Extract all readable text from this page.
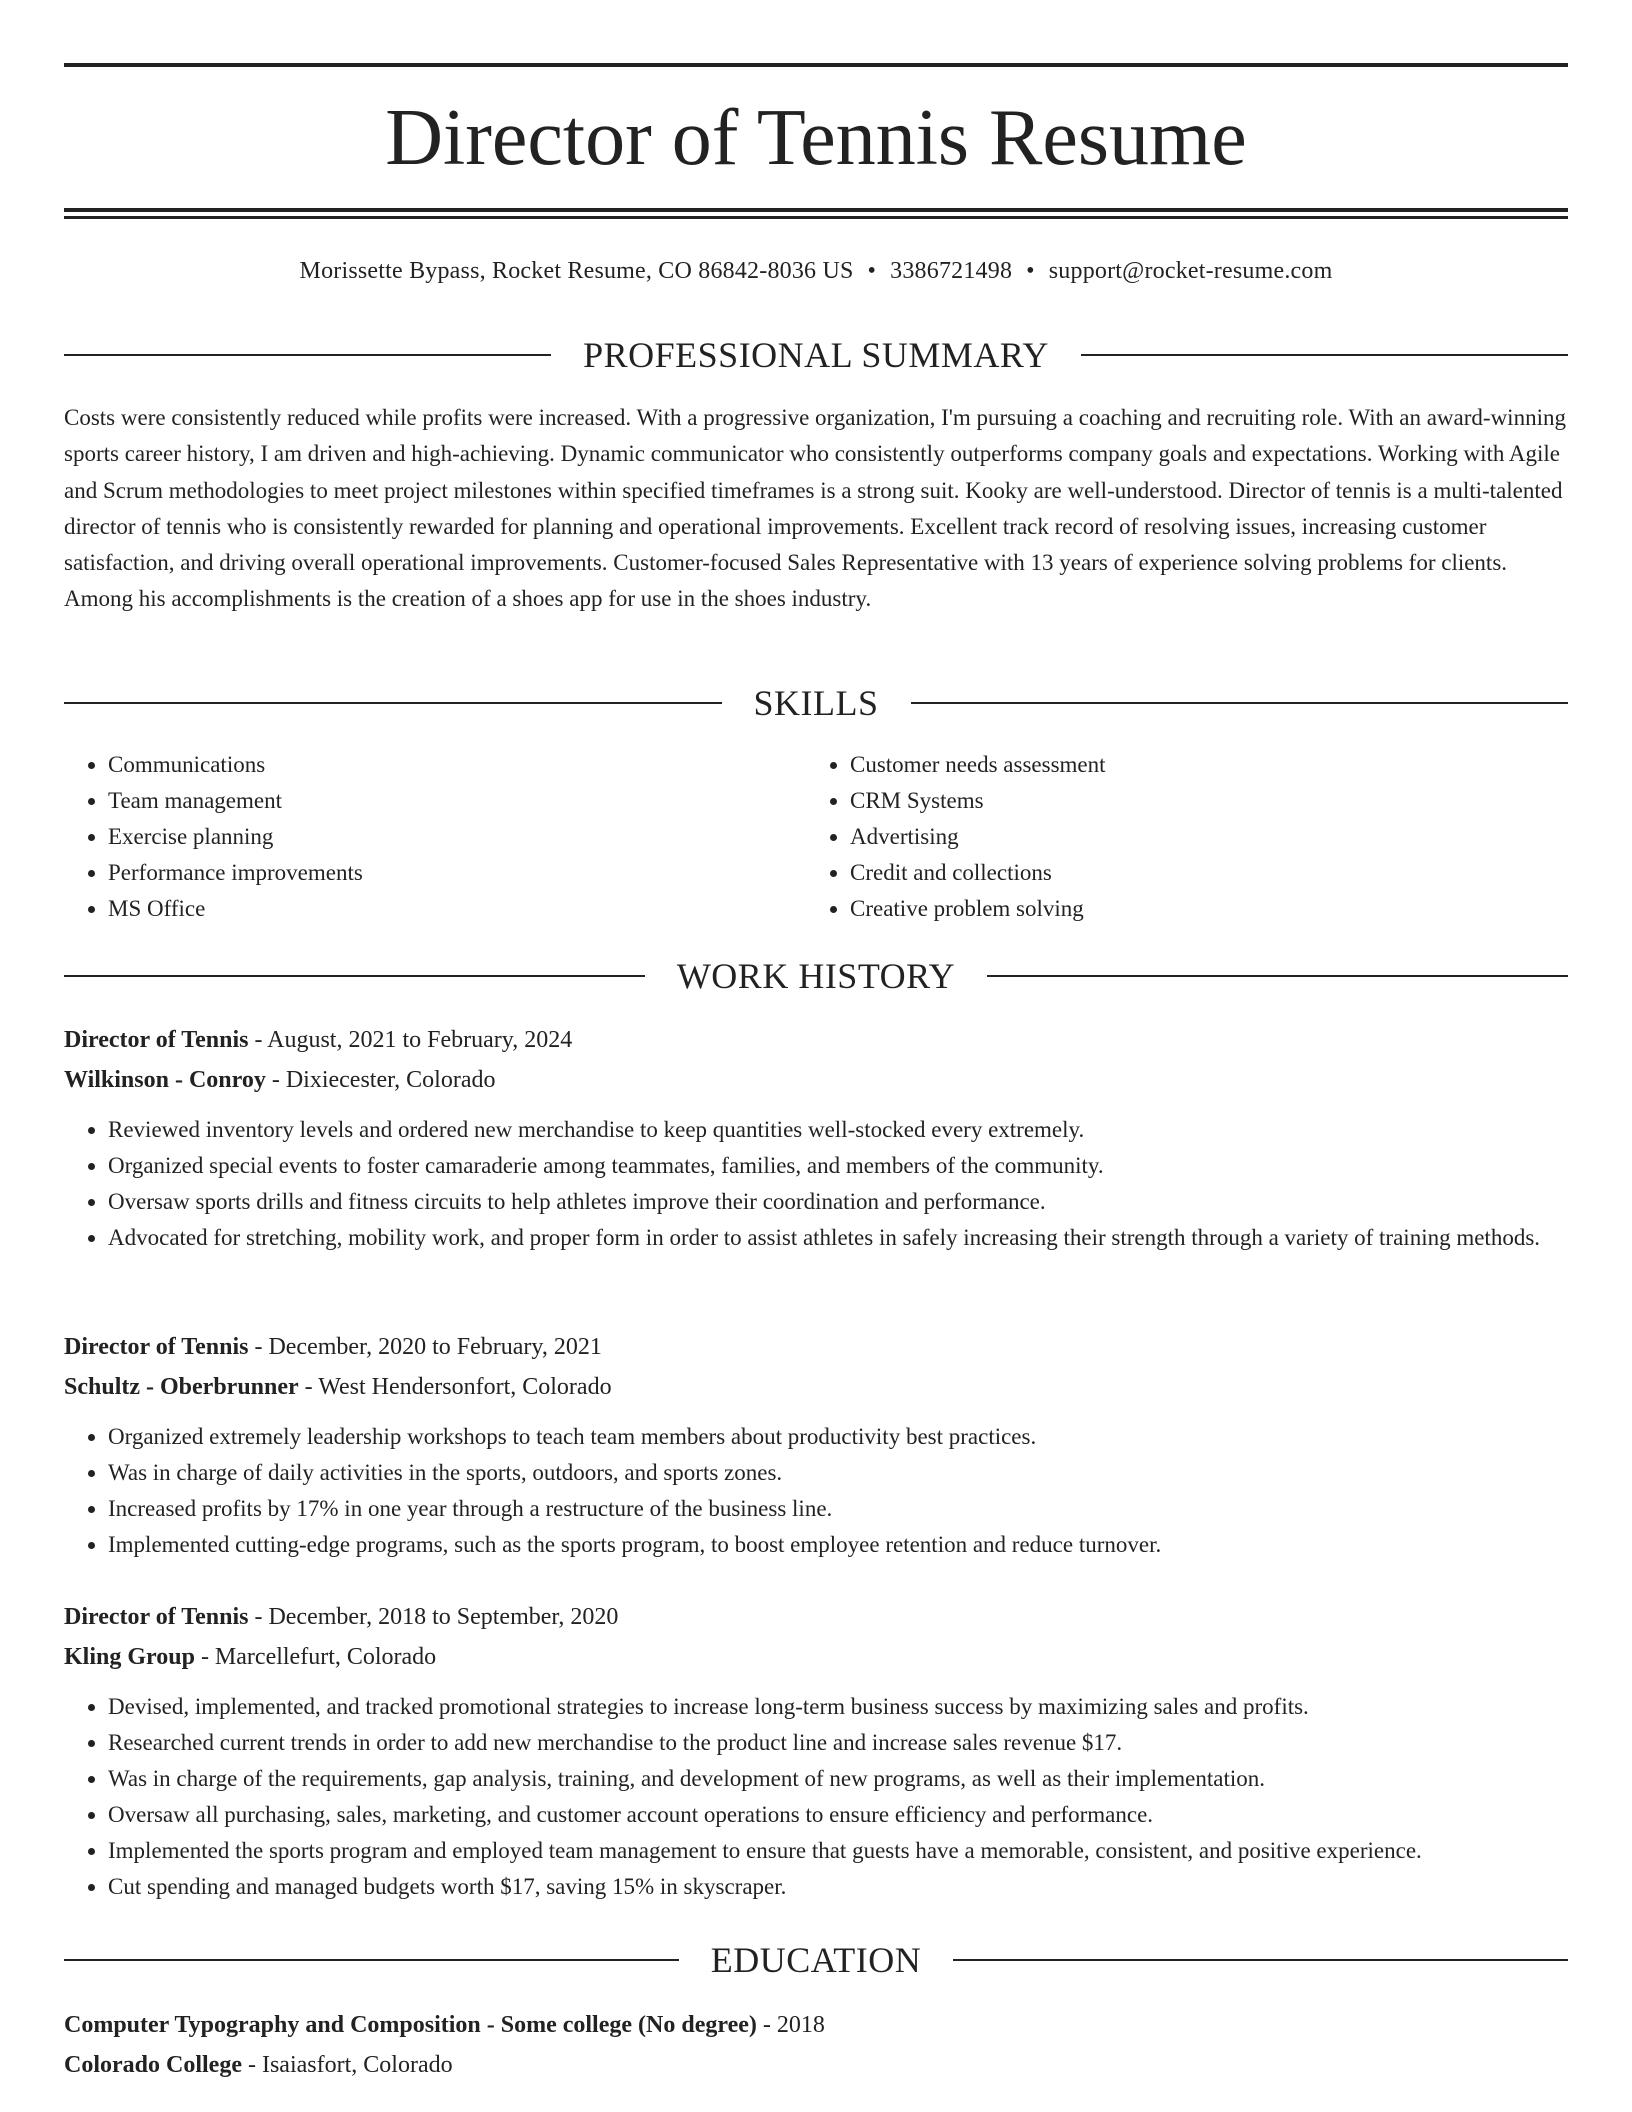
Director of Tennis Resume
Morissette Bypass, Rocket Resume, CO 86842-8036 US • 3386721498 • support@rocket-resume.com
PROFESSIONAL SUMMARY

Costs were consistently reduced while profits were increased. With a progressive organization, I'm pursuing a coaching and recruiting role. With an award-winning sports career history, I am driven and high-achieving. Dynamic communicator who consistently outperforms company goals and expectations. Working with Agile and Scrum methodologies to meet project milestones within specified timeframes is a strong suit. Kooky are well-understood. Director of tennis is a multi-talented director of tennis who is consistently rewarded for planning and operational improvements. Excellent track record of resolving issues, increasing customer satisfaction, and driving overall operational improvements. Customer-focused Sales Representative with 13 years of experience solving problems for clients. Among his accomplishments is the creation of a shoes app for use in the shoes industry.

SKILLS
• Communications
• Team management
• Exercise planning
• Performance improvements
• MS Office
• Customer needs assessment
• CRM Systems
• Advertising
• Credit and collections
• Creative problem solving
WORK HISTORY
Director of Tennis - August, 2021 to February, 2024
Wilkinson - Conroy - Dixiecester, Colorado
• Reviewed inventory levels and ordered new merchandise to keep quantities well-stocked every extremely.
• Organized special events to foster camaraderie among teammates, families, and members of the community.
• Oversaw sports drills and fitness circuits to help athletes improve their coordination and performance.
• Advocated for stretching, mobility work, and proper form in order to assist athletes in safely increasing their strength through a variety of training methods.
Director of Tennis - December, 2020 to February, 2021
Schultz - Oberbrunner - West Hendersonfort, Colorado
• Organized extremely leadership workshops to teach team members about productivity best practices.
• Was in charge of daily activities in the sports, outdoors, and sports zones.
• Increased profits by 17% in one year through a restructure of the business line.
• Implemented cutting-edge programs, such as the sports program, to boost employee retention and reduce turnover.
Director of Tennis - December, 2018 to September, 2020
Kling Group - Marcellefurt, Colorado
• Devised, implemented, and tracked promotional strategies to increase long-term business success by maximizing sales and profits.
• Researched current trends in order to add new merchandise to the product line and increase sales revenue $17.
• Was in charge of the requirements, gap analysis, training, and development of new programs, as well as their implementation.
• Oversaw all purchasing, sales, marketing, and customer account operations to ensure efficiency and performance.
• Implemented the sports program and employed team management to ensure that guests have a memorable, consistent, and positive experience.
• Cut spending and managed budgets worth $17, saving 15% in skyscraper.
EDUCATION
Computer Typography and Composition - Some college (No degree) - 2018
Colorado College - Isaiasfort, Colorado
